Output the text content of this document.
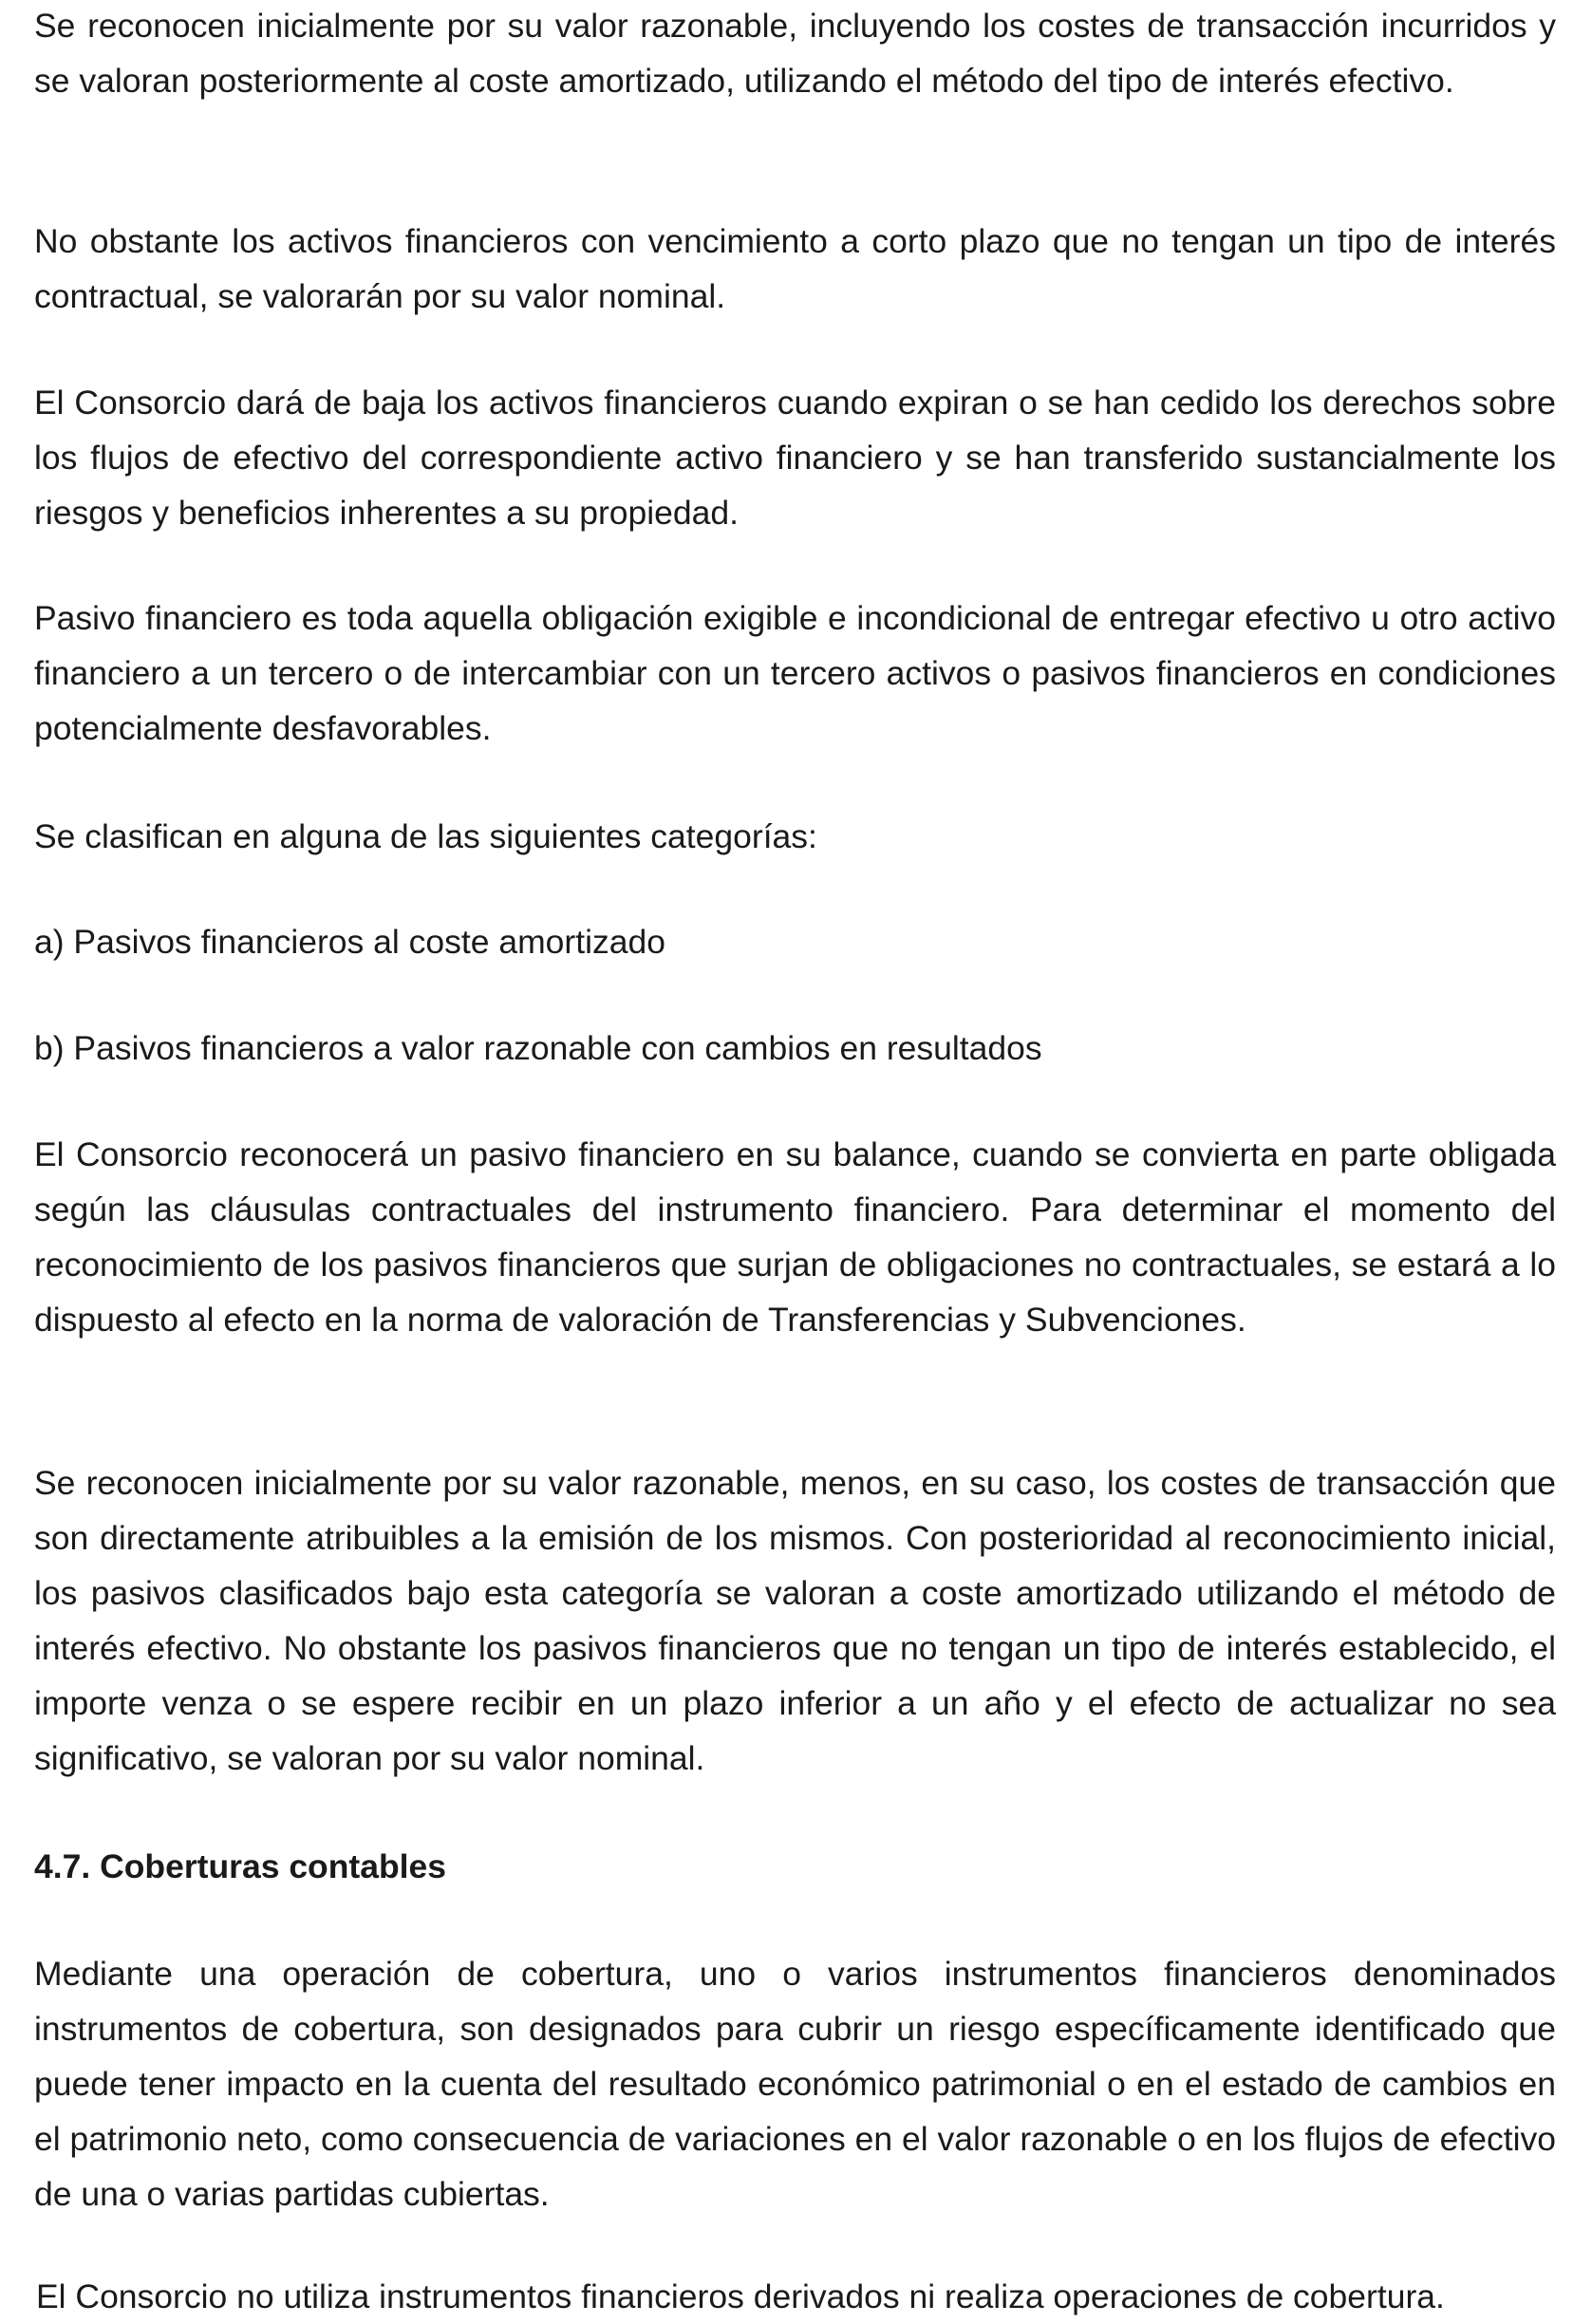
Se reconocen inicialmente por su valor razonable, incluyendo los costes de transacción incurridos y se valoran posteriormente al coste amortizado, utilizando el método del tipo de interés efectivo.

No obstante los activos financieros con vencimiento a corto plazo que no tengan un tipo de interés contractual, se valorarán por su valor nominal.

El Consorcio dará de baja los activos financieros cuando expiran o se han cedido los derechos sobre los flujos de efectivo del correspondiente activo financiero y se han transferido sustancialmente los riesgos y beneficios inherentes a su propiedad.

Pasivo financiero es toda aquella obligación exigible e incondicional de entregar efectivo u otro activo financiero a un tercero o de intercambiar con un tercero activos o pasivos financieros en condiciones potencialmente desfavorables.

Se clasifican en alguna de las siguientes categorías:

a) Pasivos financieros al coste amortizado

b) Pasivos financieros a valor razonable con cambios en resultados

El Consorcio reconocerá un pasivo financiero en su balance, cuando se convierta en parte obligada según las cláusulas contractuales del instrumento financiero. Para determinar el momento del reconocimiento de los pasivos financieros que surjan de obligaciones no contractuales, se estará a lo dispuesto al efecto en la norma de valoración de Transferencias y Subvenciones.

Se reconocen inicialmente por su valor razonable, menos, en su caso, los costes de transacción que son directamente atribuibles a la emisión de los mismos. Con posterioridad al reconocimiento inicial, los pasivos clasificados bajo esta categoría se valoran a coste amortizado utilizando el método de interés efectivo. No obstante los pasivos financieros que no tengan un tipo de interés establecido, el importe venza o se espere recibir en un plazo inferior a un año y el efecto de actualizar no sea significativo, se valoran por su valor nominal.

4.7. Coberturas contables

Mediante una operación de cobertura, uno o varios instrumentos financieros denominados instrumentos de cobertura, son designados para cubrir un riesgo específicamente identificado que puede tener impacto en la cuenta del resultado económico patrimonial o en el estado de cambios en el patrimonio neto, como consecuencia de variaciones en el valor razonable o en los flujos de efectivo de una o varias partidas cubiertas.

El Consorcio no utiliza instrumentos financieros derivados ni realiza operaciones de cobertura.
